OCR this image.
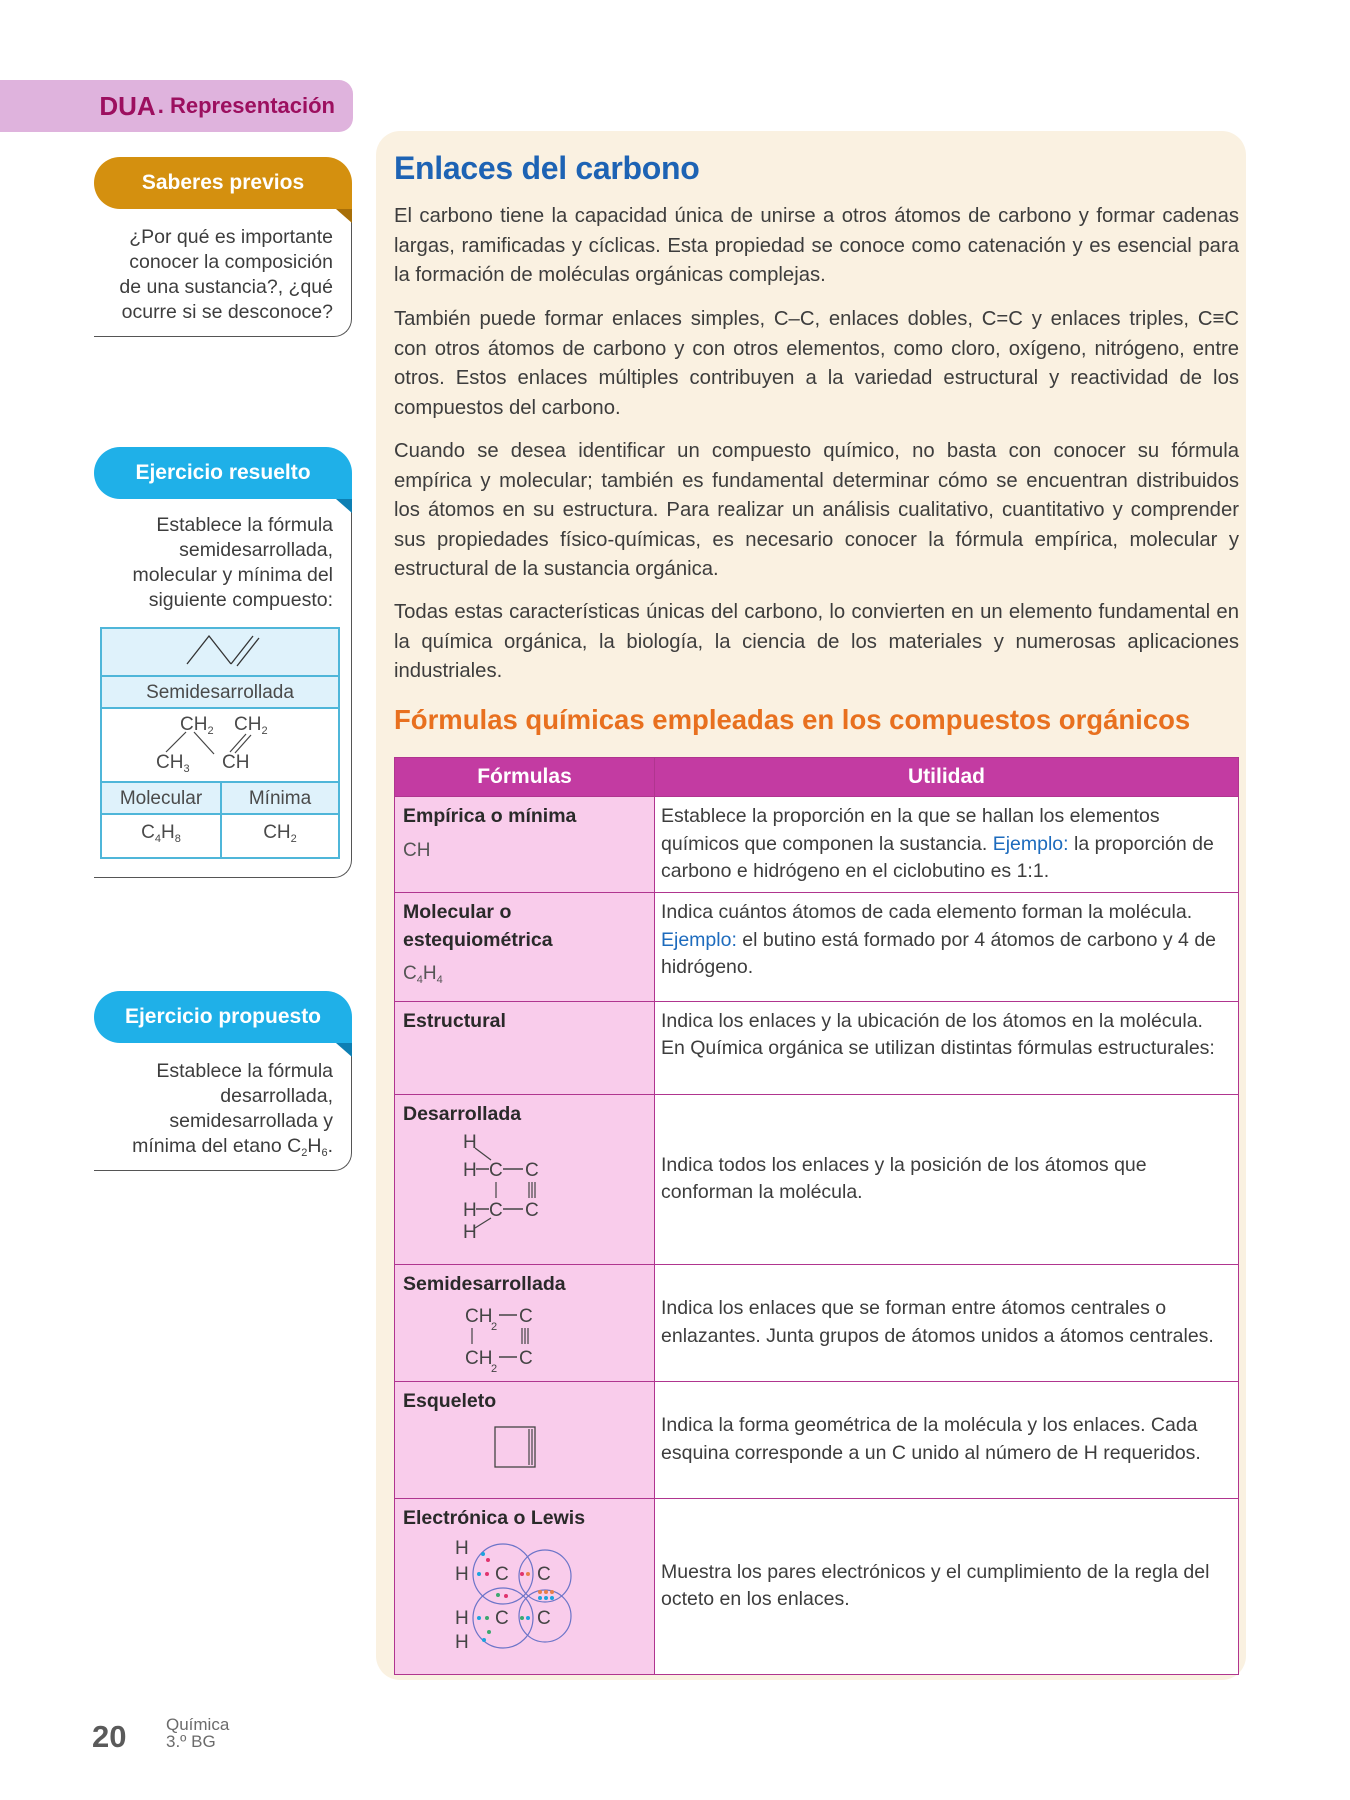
DUA . Representación
Saberes previos
¿Por qué es importante
conocer la composición
de una sustancia?, ¿qué
ocurre si se desconoce?
Ejercicio resuelto
Establece la fórmula
semidesarrollada,
molecular y mínima del
siguiente compuesto:

Semidesarrollada	

$CH_2$ $CH_2$
$CH_3$ CH	

Molecular	Mínima
$C_4H_8$	$CH_2$
Ejercicio propuesto
Establece la fórmula
desarrollada,
semidesarrollada y
mínima del etano $C_2H_6$.
Enlaces del carbono

El carbono tiene la capacidad única de unirse a otros átomos de carbono y formar cadenas largas, ramificadas y cíclicas. Esta propiedad se conoce como catenación y es esencial para la formación de moléculas orgánicas complejas.

También puede formar enlaces simples, C–C, enlaces dobles, C=C y enlaces triples, C≡C con otros átomos de carbono y con otros elementos, como cloro, oxígeno, nitrógeno, entre otros. Estos enlaces múltiples contribuyen a la variedad estructural y reactividad de los compuestos del carbono.

Cuando se desea identificar un compuesto químico, no basta con conocer su fórmula empírica y molecular; también es fundamental determinar cómo se encuentran distribuidos los átomos en su estructura. Para realizar un análisis cualitativo, cuantitativo y comprender sus propiedades físico-químicas, es necesario conocer la fórmula empírica, molecular y estructural de la sustancia orgánica.

Todas estas características únicas del carbono, lo convierten en un elemento fundamental en la química orgánica, la biología, la ciencia de los materiales y numerosas aplicaciones industriales.

Fórmulas químicas empleadas en los compuestos orgánicos
Fórmulas	Utilidad

Empírica o mínima
CH	Establece la proporción en la que se hallan los elementos químicos que componen la sustancia. Ejemplo: la proporción de carbono e hidrógeno en el ciclobutino es 1:1.

Molecular o estequiométrica
$C_4H_4$	Indica cuántos átomos de cada elemento forman la molécula. Ejemplo: el butino está formado por 4 átomos de carbono y 4 de hidrógeno.

Estructural	Indica los enlaces y la ubicación de los átomos en la molécula. En Química orgánica se utilizan distintas fórmulas estructurales:

Desarrollada
H
H C C
H C C
H
	Indica todos los enlaces y la posición de los átomos que conforman la molécula.

Semidesarrollada
CH
2 C
CH
2 C
	Indica los enlaces que se forman entre átomos centrales o enlazantes. Junta grupos de átomos unidos a átomos centrales.

Esqueleto	Indica la forma geométrica de la molécula y los enlaces. Cada esquina corresponde a un C unido al número de H requeridos.

Electrónica o Lewis
H
H C C
H C C
H
	Muestra los pares electrónicos y el cumplimiento de la regla del octeto en los enlaces.
20 Química
3.º BG
